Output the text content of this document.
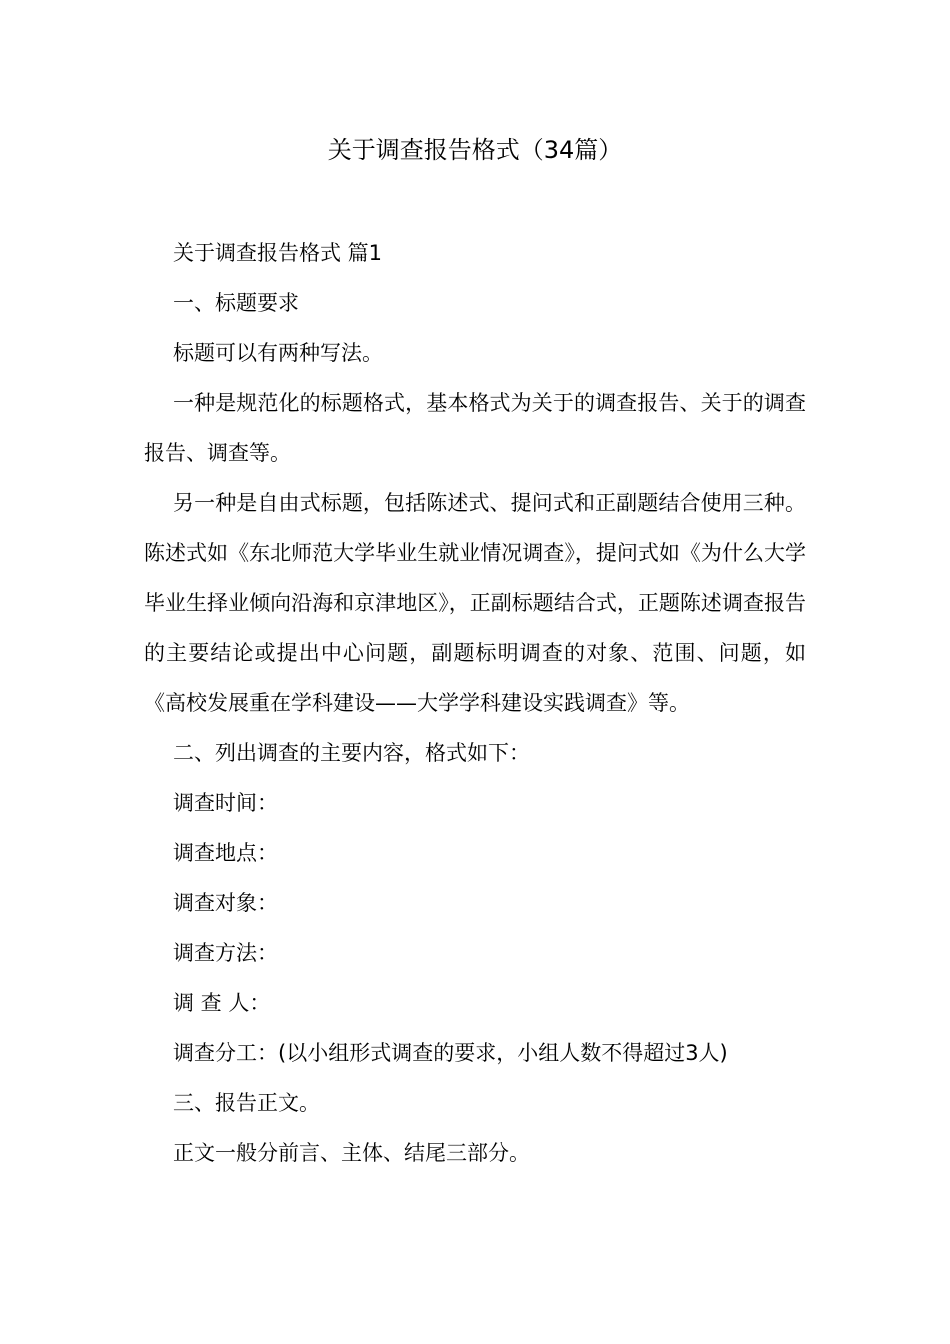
关于调查报告格式（34篇）

关于调查报告格式 篇1

一、标题要求

标题可以有两种写法。

一种是规范化的标题格式，基本格式为关于的调查报告、关于的调查报告、调查等。

另一种是自由式标题，包括陈述式、提问式和正副题结合使用三种。陈述式如《东北师范大学毕业生就业情况调查》，提问式如《为什么大学毕业生择业倾向沿海和京津地区》，正副标题结合式，正题陈述调查报告的主要结论或提出中心问题，副题标明调查的对象、范围、问题，如《高校发展重在学科建设——大学学科建设实践调查》等。

二、列出调查的主要内容，格式如下：

调查时间：

调查地点：

调查对象：

调查方法：

调 查 人：

调查分工：(以小组形式调查的要求，小组人数不得超过3人)

三、报告正文。

正文一般分前言、主体、结尾三部分。
